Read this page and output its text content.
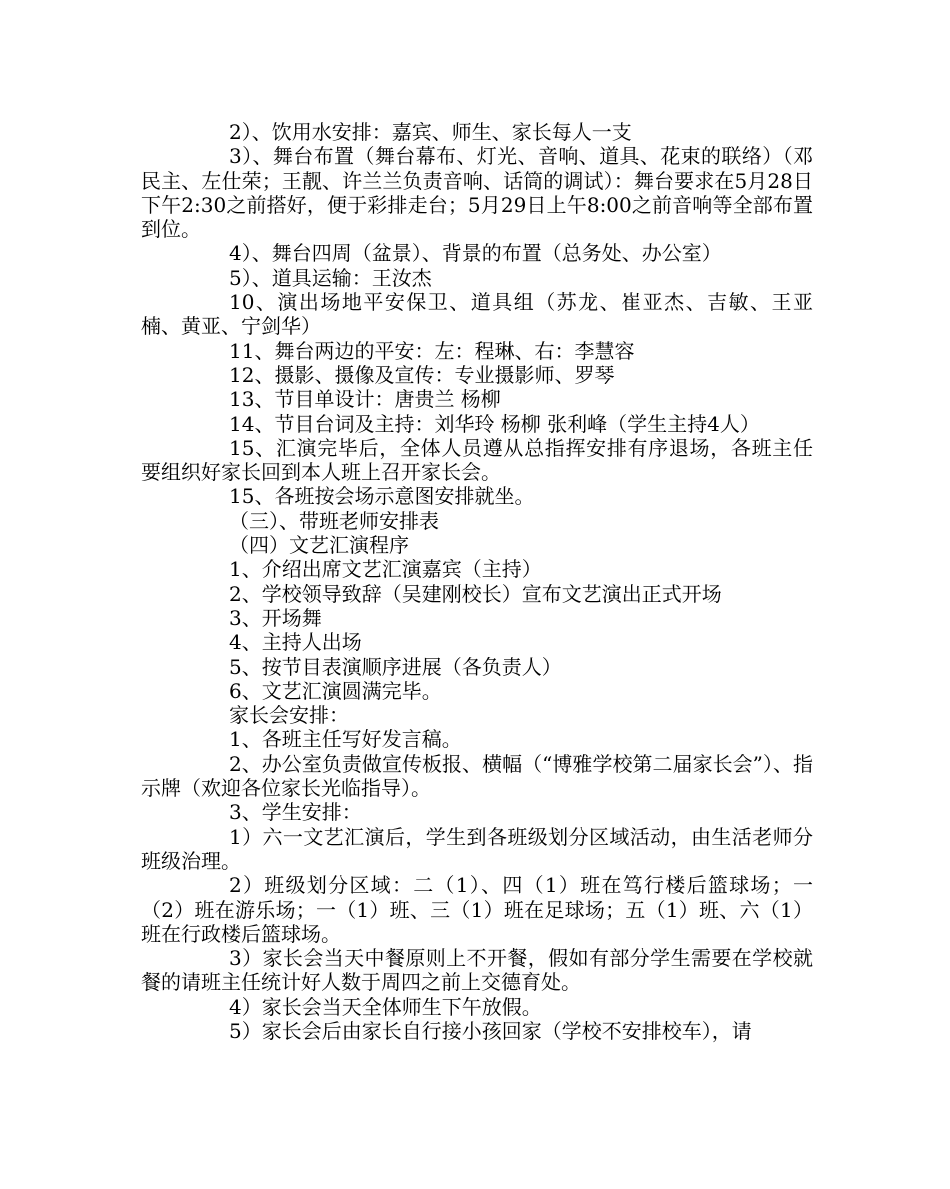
2）、饮用水安排：嘉宾、师生、家长每人一支

3）、舞台布置（舞台幕布、灯光、音响、道具、花束的联络）（邓民主、左仕荣；王靓、许兰兰负责音响、话筒的调试）：舞台要求在5月28日下午2:30之前搭好，便于彩排走台；5月29日上午8:00之前音响等全部布置到位。

4）、舞台四周（盆景）、背景的布置（总务处、办公室）

5）、道具运输：王汝杰

10、演出场地平安保卫、道具组（苏龙、崔亚杰、吉敏、王亚楠、黄亚、宁剑华）

11、舞台两边的平安：左：程琳、右：李慧容

12、摄影、摄像及宣传：专业摄影师、罗琴

13、节目单设计：唐贵兰 杨柳

14、节目台词及主持：刘华玲 杨柳 张利峰（学生主持4人）

15、汇演完毕后，全体人员遵从总指挥安排有序退场，各班主任要组织好家长回到本人班上召开家长会。

15、各班按会场示意图安排就坐。

（三）、带班老师安排表

（四）文艺汇演程序

1、介绍出席文艺汇演嘉宾（主持）

2、学校领导致辞（吴建刚校长）宣布文艺演出正式开场

3、开场舞

4、主持人出场

5、按节目表演顺序进展（各负责人）

6、文艺汇演圆满完毕。

家长会安排：

1、各班主任写好发言稿。

2、办公室负责做宣传板报、横幅（“博雅学校第二届家长会”）、指示牌（欢迎各位家长光临指导）。

3、学生安排：

1）六一文艺汇演后，学生到各班级划分区域活动，由生活老师分班级治理。

2）班级划分区域：二（1）、四（1）班在笃行楼后篮球场；一（2）班在游乐场；一（1）班、三（1）班在足球场；五（1）班、六（1）班在行政楼后篮球场。

3）家长会当天中餐原则上不开餐，假如有部分学生需要在学校就餐的请班主任统计好人数于周四之前上交德育处。

4）家长会当天全体师生下午放假。

5）家长会后由家长自行接小孩回家（学校不安排校车），请
